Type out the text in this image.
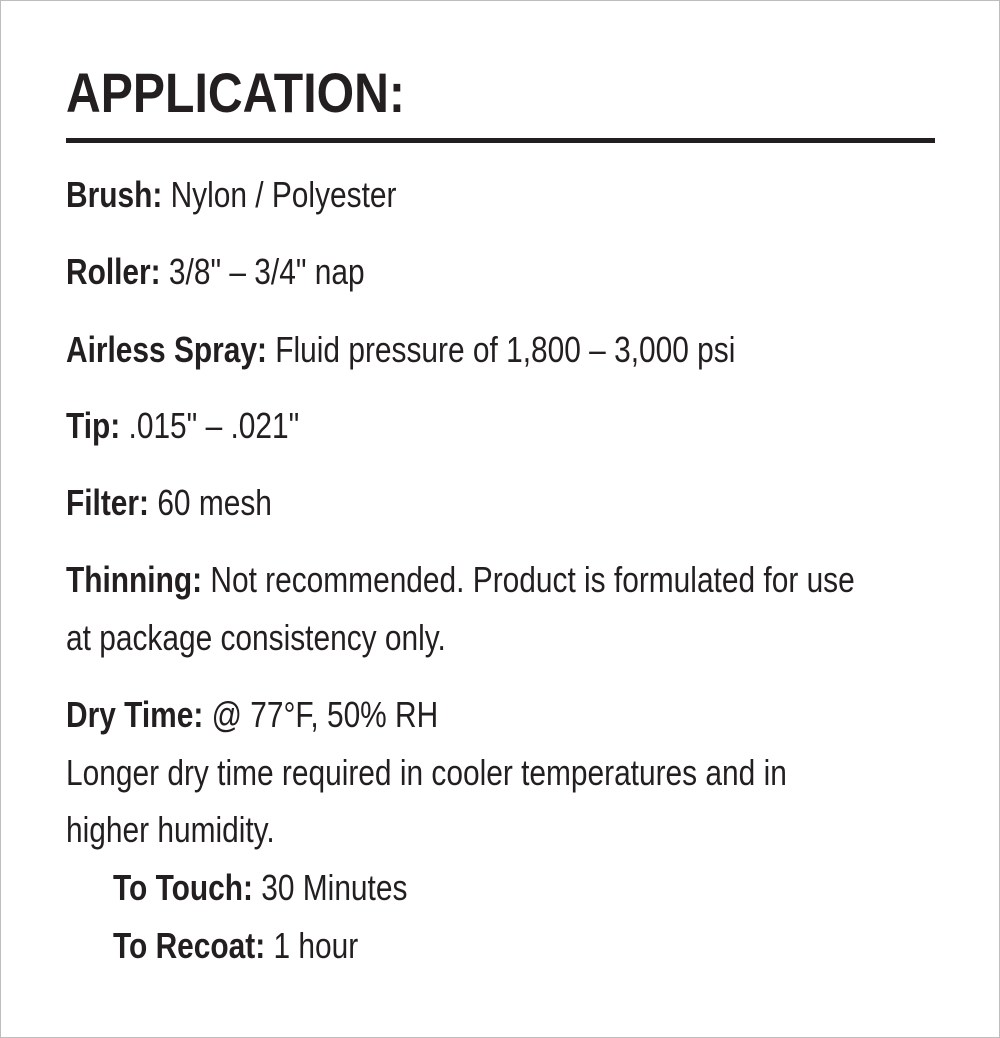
APPLICATION:
Brush: Nylon / Polyester
Roller: 3/8" – 3/4" nap
Airless Spray: Fluid pressure of 1,800 – 3,000 psi
Tip: .015" – .021"
Filter: 60 mesh
Thinning: Not recommended. Product is formulated for use
at package consistency only.
Dry Time: @ 77°F, 50% RH
Longer dry time required in cooler temperatures and in
higher humidity.
To Touch: 30 Minutes
To Recoat: 1 hour
